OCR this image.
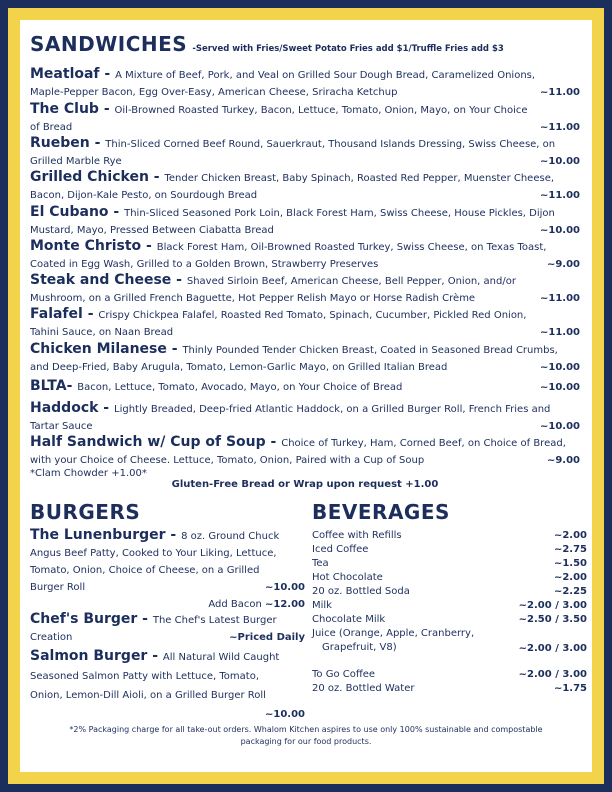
SANDWICHES -Served with Fries/Sweet Potato Fries add $1/Truffle Fries add $3
Meatloaf - A Mixture of Beef, Pork, and Veal on Grilled Sour Dough Bread, Caramelized Onions,
Maple-Pepper Bacon, Egg Over-Easy, American Cheese, Sriracha Ketchup	~11.00
The Club - Oil-Browned Roasted Turkey, Bacon, Lettuce, Tomato, Onion, Mayo, on Your Choice
of Bread	~11.00
Rueben - Thin-Sliced Corned Beef Round, Sauerkraut, Thousand Islands Dressing, Swiss Cheese, on
Grilled Marble Rye	~10.00
Grilled Chicken - Tender Chicken Breast, Baby Spinach, Roasted Red Pepper, Muenster Cheese,
Bacon, Dijon-Kale Pesto, on Sourdough Bread	~11.00
El Cubano - Thin-Sliced Seasoned Pork Loin, Black Forest Ham, Swiss Cheese, House Pickles, Dijon
Mustard, Mayo, Pressed Between Ciabatta Bread	~10.00
Monte Christo - Black Forest Ham, Oil-Browned Roasted Turkey, Swiss Cheese, on Texas Toast,
Coated in Egg Wash, Grilled to a Golden Brown, Strawberry Preserves	~9.00
Steak and Cheese - Shaved Sirloin Beef, American Cheese, Bell Pepper, Onion, and/or
Mushroom, on a Grilled French Baguette, Hot Pepper Relish Mayo or Horse Radish Crème	~11.00
Falafel - Crispy Chickpea Falafel, Roasted Red Tomato, Spinach, Cucumber, Pickled Red Onion,
Tahini Sauce, on Naan Bread	~11.00
Chicken Milanese - Thinly Pounded Tender Chicken Breast, Coated in Seasoned Bread Crumbs,
and Deep-Fried, Baby Arugula, Tomato, Lemon-Garlic Mayo, on Grilled Italian Bread	~10.00
BLTA- Bacon, Lettuce, Tomato, Avocado, Mayo, on Your Choice of Bread	~10.00
Haddock - Lightly Breaded, Deep-fried Atlantic Haddock, on a Grilled Burger Roll, French Fries and
Tartar Sauce	~10.00
Half Sandwich w/ Cup of Soup - Choice of Turkey, Ham, Corned Beef, on Choice of Bread,
with your Choice of Cheese. Lettuce, Tomato, Onion, Paired with a Cup of Soup	~9.00
*Clam Chowder +1.00*
Gluten-Free Bread or Wrap upon request +1.00
BURGERS
The Lunenburger - 8 oz. Ground Chuck
Angus Beef Patty, Cooked to Your Liking, Lettuce,
Tomato, Onion, Choice of Cheese, on a Grilled
Burger Roll	~10.00
Add Bacon ~12.00
Chef's Burger - The Chef's Latest Burger
Creation	~Priced Daily
Salmon Burger - All Natural Wild Caught
Seasoned Salmon Patty with Lettuce, Tomato,
Onion, Lemon-Dill Aioli, on a Grilled Burger Roll
~10.00
BEVERAGES
Coffee with Refills	~2.00
Iced Coffee	~2.75
Tea	~1.50
Hot Chocolate	~2.00
20 oz. Bottled Soda	~2.25
Milk	~2.00 / 3.00
Chocolate Milk	~2.50 / 3.50
Juice (Orange, Apple, Cranberry,
Grapefruit, V8)	~2.00 / 3.00
To Go Coffee	~2.00 / 3.00
20 oz. Bottled Water	~1.75
*2% Packaging charge for all take-out orders. Whalom Kitchen aspires to use only 100% sustainable and compostable
packaging for our food products.
